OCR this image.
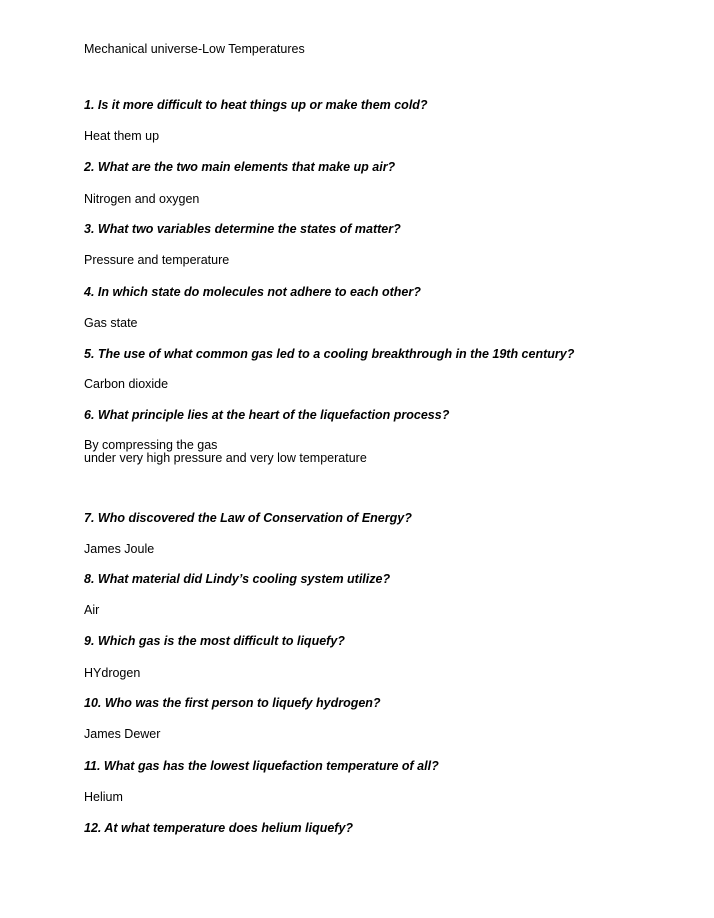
Mechanical universe-Low Temperatures
1. Is it more difficult to heat things up or make them cold?
Heat them up
2. What are the two main elements that make up air?
Nitrogen and oxygen
3. What two variables determine the states of matter?
Pressure and temperature
4. In which state do molecules not adhere to each other?
Gas state
5. The use of what common gas led to a cooling breakthrough in the 19th century?
Carbon dioxide
6. What principle lies at the heart of the liquefaction process?
By compressing the gas
under very high pressure and very low temperature
7. Who discovered the Law of Conservation of Energy?
James Joule
8. What material did Lindy’s cooling system utilize?
Air
9. Which gas is the most difficult to liquefy?
HYdrogen
10. Who was the first person to liquefy hydrogen?
James Dewer
11. What gas has the lowest liquefaction temperature of all?
Helium
12. At what temperature does helium liquefy?
